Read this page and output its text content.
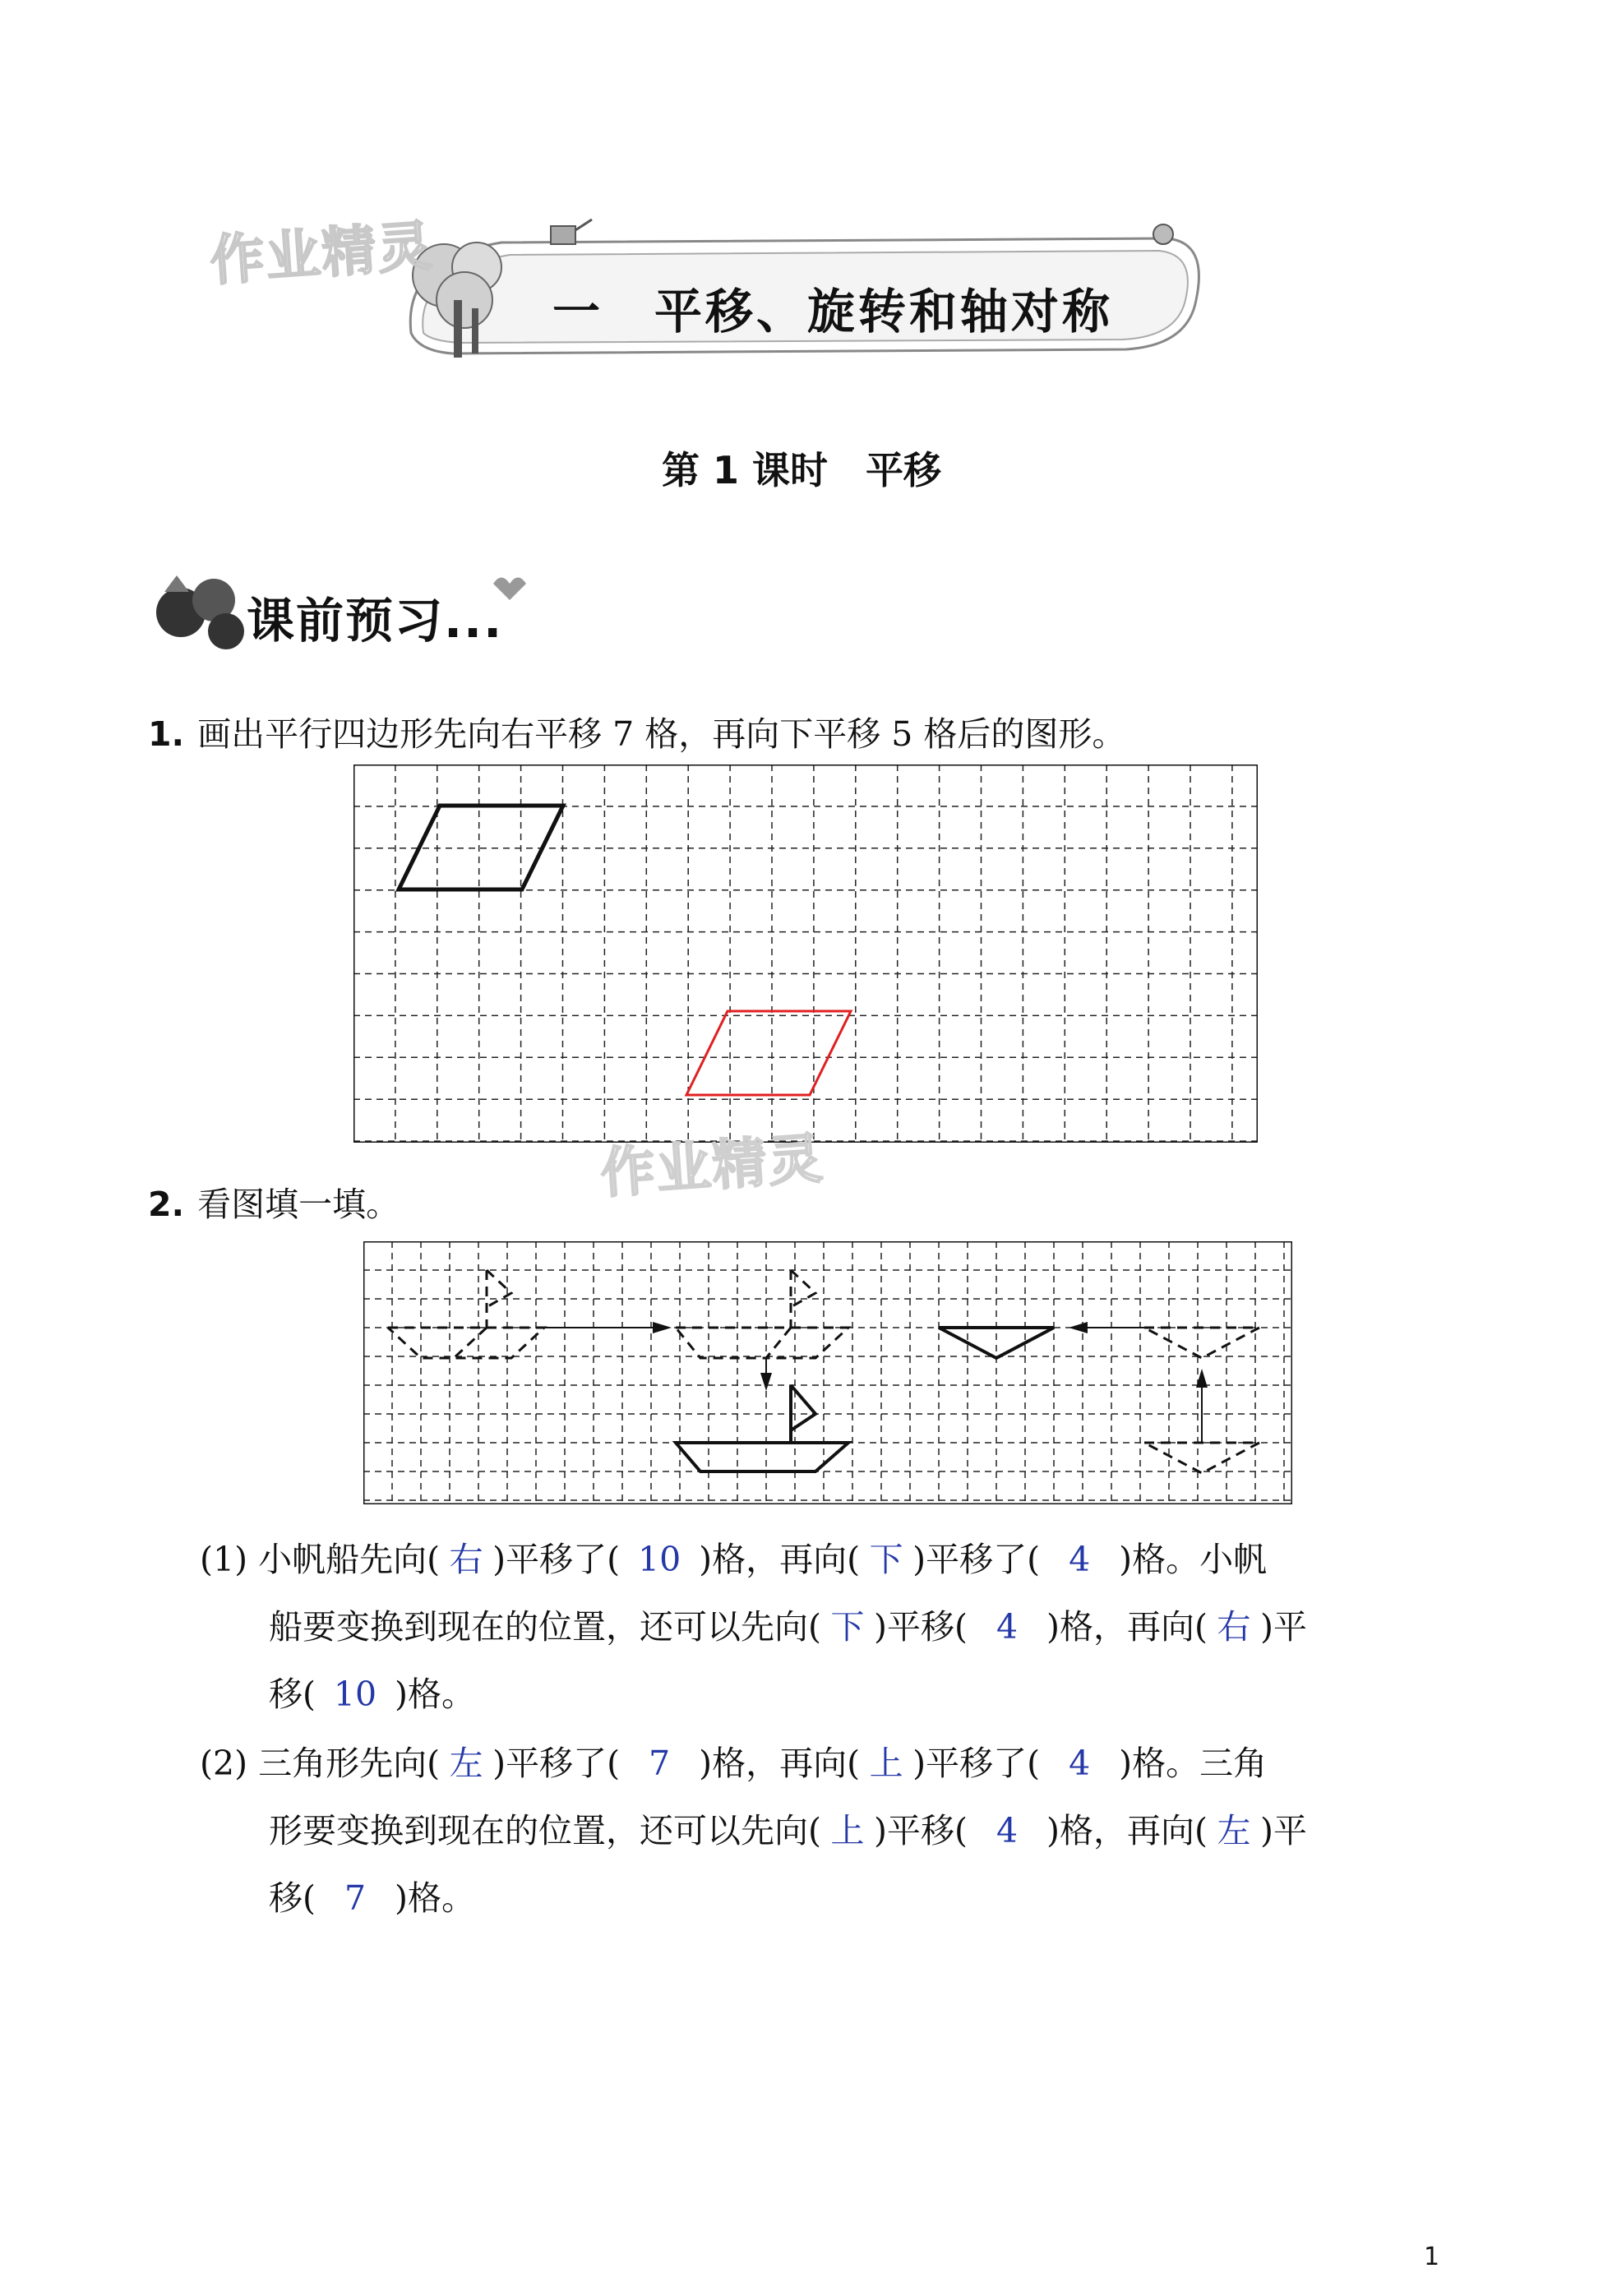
作业精灵
一　平移、旋转和轴对称
第 1 课时　平移
课前预习...
1. 画出平行四边形先向右平移 7 格，再向下平移 5 格后的图形。
作业精灵
2. 看图填一填。
(1) 小帆船先向( 右 )平移了( 10 )格，再向( 下 )平移了( 4 )格。小帆
船要变换到现在的位置，还可以先向( 下 )平移( 4 )格，再向( 右 )平
移( 10 )格。
(2) 三角形先向( 左 )平移了( 7 )格，再向( 上 )平移了( 4 )格。三角
形要变换到现在的位置，还可以先向( 上 )平移( 4 )格，再向( 左 )平
移( 7 )格。
1
